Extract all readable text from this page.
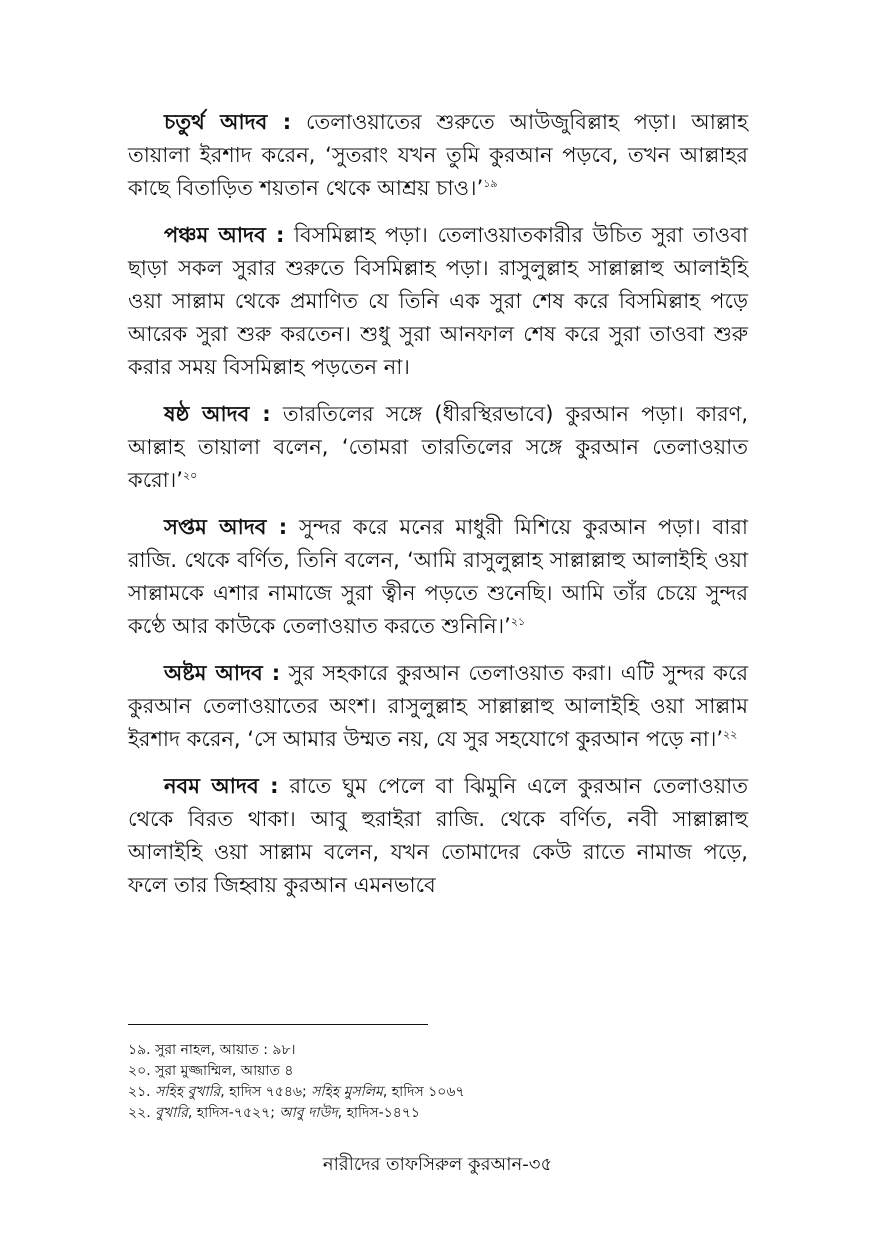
চতুর্থ আদব : তেলাওয়াতের শুরুতে আউজুবিল্লাহ পড়া। আল্লাহ তায়ালা ইরশাদ করেন, ‘সুতরাং যখন তুমি কুরআন পড়বে, তখন আল্লাহর কাছে বিতাড়িত শয়তান থেকে আশ্রয় চাও।’$^{১৯}$

পঞ্চম আদব : বিসমিল্লাহ পড়া। তেলাওয়াতকারীর উচিত সুরা তাওবা ছাড়া সকল সুরার শুরুতে বিসমিল্লাহ পড়া। রাসুলুল্লাহ সাল্লাল্লাহু আলাইহি ওয়া সাল্লাম থেকে প্রমাণিত যে তিনি এক সুরা শেষ করে বিসমিল্লাহ পড়ে আরেক সুরা শুরু করতেন। শুধু সুরা আনফাল শেষ করে সুরা তাওবা শুরু করার সময় বিসমিল্লাহ পড়তেন না।

ষষ্ঠ আদব : তারতিলের সঙ্গে (ধীরস্থিরভাবে) কুরআন পড়া। কারণ, আল্লাহ তায়ালা বলেন, ‘তোমরা তারতিলের সঙ্গে কুরআন তেলাওয়াত করো।’$^{২০}$

সপ্তম আদব : সুন্দর করে মনের মাধুরী মিশিয়ে কুরআন পড়া। বারা রাজি. থেকে বর্ণিত, তিনি বলেন, ‘আমি রাসুলুল্লাহ সাল্লাল্লাহু আলাইহি ওয়া সাল্লামকে এশার নামাজে সুরা ত্বীন পড়তে শুনেছি। আমি তাঁর চেয়ে সুন্দর কণ্ঠে আর কাউকে তেলাওয়াত করতে শুনিনি।’$^{২১}$

অষ্টম আদব : সুর সহকারে কুরআন তেলাওয়াত করা। এটি সুন্দর করে কুরআন তেলাওয়াতের অংশ। রাসুলুল্লাহ সাল্লাল্লাহু আলাইহি ওয়া সাল্লাম ইরশাদ করেন, ‘সে আমার উম্মত নয়, যে সুর সহযোগে কুরআন পড়ে না।’$^{২২}$

নবম আদব : রাতে ঘুম পেলে বা ঝিমুনি এলে কুরআন তেলাওয়াত থেকে বিরত থাকা। আবু হুরাইরা রাজি. থেকে বর্ণিত, নবী সাল্লাল্লাহু আলাইহি ওয়া সাল্লাম বলেন, যখন তোমাদের কেউ রাতে নামাজ পড়ে, ফলে তার জিহ্বায় কুরআন এমনভাবে

১৯. সুরা নাহল, আয়াত : ৯৮।
২০. সুরা মুজ্জাম্মিল, আয়াত ৪
২১. সহিহ বুখারি, হাদিস ৭৫৪৬; সহিহ মুসলিম, হাদিস ১০৬৭
২২. বুখারি, হাদিস-৭৫২৭; আবু দাউদ, হাদিস-১৪৭১
নারীদের তাফসিরুল কুরআন-৩৫
